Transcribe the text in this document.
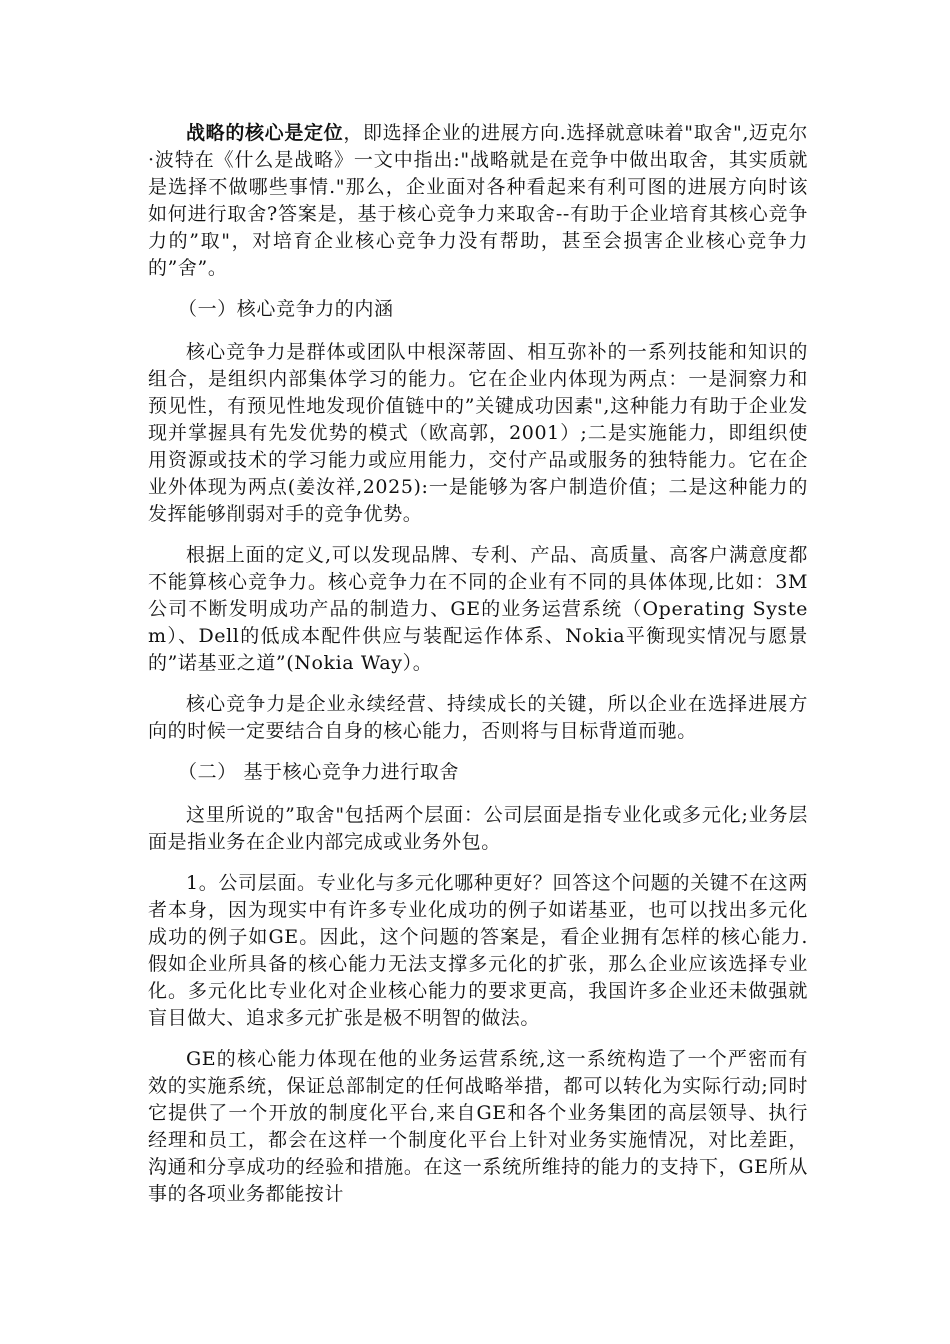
战略的核心是定位，即选择企业的进展方向.选择就意味着"取舍",迈克尔·波特在《什么是战略》一文中指出:"战略就是在竞争中做出取舍，其实质就是选择不做哪些事情."那么，企业面对各种看起来有利可图的进展方向时该如何进行取舍?答案是，基于核心竞争力来取舍--有助于企业培育其核心竞争力的”取"，对培育企业核心竞争力没有帮助，甚至会损害企业核心竞争力的”舍”。

（一）核心竞争力的内涵

核心竞争力是群体或团队中根深蒂固、相互弥补的一系列技能和知识的组合，是组织内部集体学习的能力。它在企业内体现为两点：一是洞察力和预见性，有预见性地发现价值链中的”关键成功因素",这种能力有助于企业发现并掌握具有先发优势的模式（欧高郭，2001）;二是实施能力，即组织使用资源或技术的学习能力或应用能力，交付产品或服务的独特能力。它在企业外体现为两点(姜汝祥,2025):一是能够为客户制造价值；二是这种能力的发挥能够削弱对手的竞争优势。

根据上面的定义,可以发现品牌、专利、产品、高质量、高客户满意度都不能算核心竞争力。核心竞争力在不同的企业有不同的具体体现,比如：3M公司不断发明成功产品的制造力、GE的业务运营系统（Operating System）、Dell的低成本配件供应与装配运作体系、Nokia平衡现实情况与愿景的”诺基亚之道”(Nokia Way）。

核心竞争力是企业永续经营、持续成长的关键，所以企业在选择进展方向的时候一定要结合自身的核心能力，否则将与目标背道而驰。

（二） 基于核心竞争力进行取舍

这里所说的”取舍"包括两个层面：公司层面是指专业化或多元化;业务层面是指业务在企业内部完成或业务外包。

1。公司层面。专业化与多元化哪种更好？回答这个问题的关键不在这两者本身，因为现实中有许多专业化成功的例子如诺基亚，也可以找出多元化成功的例子如GE。因此，这个问题的答案是，看企业拥有怎样的核心能力.假如企业所具备的核心能力无法支撑多元化的扩张，那么企业应该选择专业化。多元化比专业化对企业核心能力的要求更高，我国许多企业还未做强就盲目做大、追求多元扩张是极不明智的做法。

GE的核心能力体现在他的业务运营系统,这一系统构造了一个严密而有效的实施系统，保证总部制定的任何战略举措，都可以转化为实际行动;同时它提供了一个开放的制度化平台,来自GE和各个业务集团的高层领导、执行经理和员工，都会在这样一个制度化平台上针对业务实施情况，对比差距，沟通和分享成功的经验和措施。在这一系统所维持的能力的支持下，GE所从事的各项业务都能按计
